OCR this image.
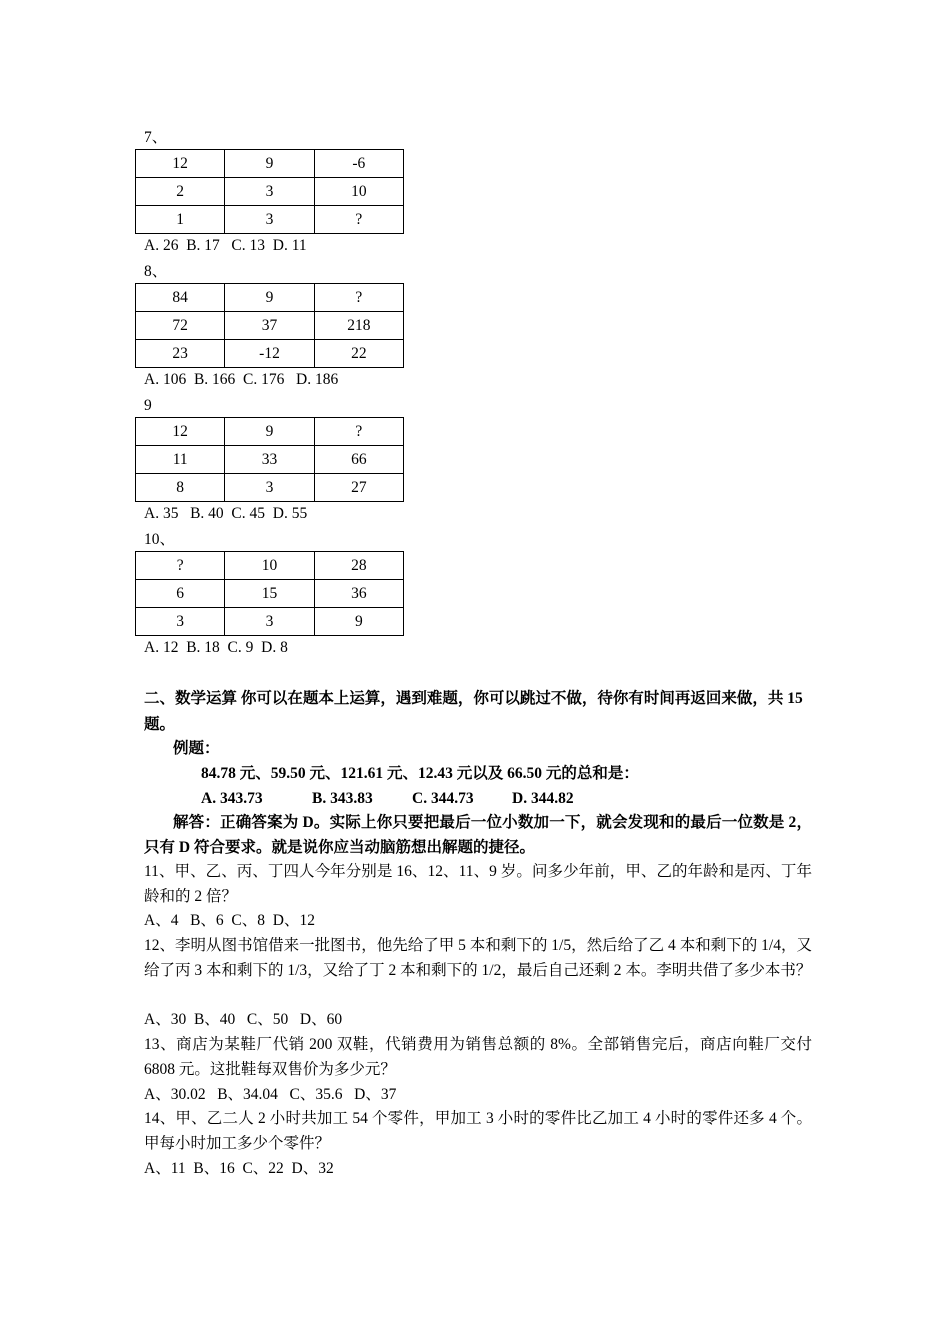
7、
12	9	-6
2	3	10
1	3	?
A. 26  B. 17   C. 13  D. 11
8、
84	9	?
72	37	218
23	-12	22
A. 106  B. 166  C. 176   D. 186
9
12	9	?
11	33	66
8	3	27
A. 35   B. 40  C. 45  D. 55
10、
?	10	28
6	15	36
3	3	9
A. 12  B. 18  C. 9  D. 8
二、数学运算 你可以在题本上运算，遇到难题，你可以跳过不做，待你有时间再返回来做，共 15 题。
例题：
84.78 元、59.50 元、121.61 元、12.43 元以及 66.50 元的总和是：
A. 343.73	B. 343.83	C. 344.73 D. 344.82
解答：正确答案为 D。实际上你只要把最后一位小数加一下，就会发现和的最后一位数是 2，只有 D 符合要求。就是说你应当动脑筋想出解题的捷径。
11、甲、乙、丙、丁四人今年分别是 16、12、11、9 岁。问多少年前，甲、乙的年龄和是丙、丁年龄和的 2 倍？
A、4   B、6  C、8  D、12
12、李明从图书馆借来一批图书，他先给了甲 5 本和剩下的 1/5，然后给了乙 4 本和剩下的 1/4，又给了丙 3 本和剩下的 1/3，又给了丁 2 本和剩下的 1/2，最后自己还剩 2 本。李明共借了多少本书？
A、30  B、40   C、50   D、60
13、商店为某鞋厂代销 200 双鞋，代销费用为销售总额的 8%。全部销售完后，商店向鞋厂交付 6808 元。这批鞋每双售价为多少元？
A、30.02   B、34.04   C、35.6   D、37
14、甲、乙二人 2 小时共加工 54 个零件，甲加工 3 小时的零件比乙加工 4 小时的零件还多 4 个。甲每小时加工多少个零件？
A、11  B、16  C、22  D、32
